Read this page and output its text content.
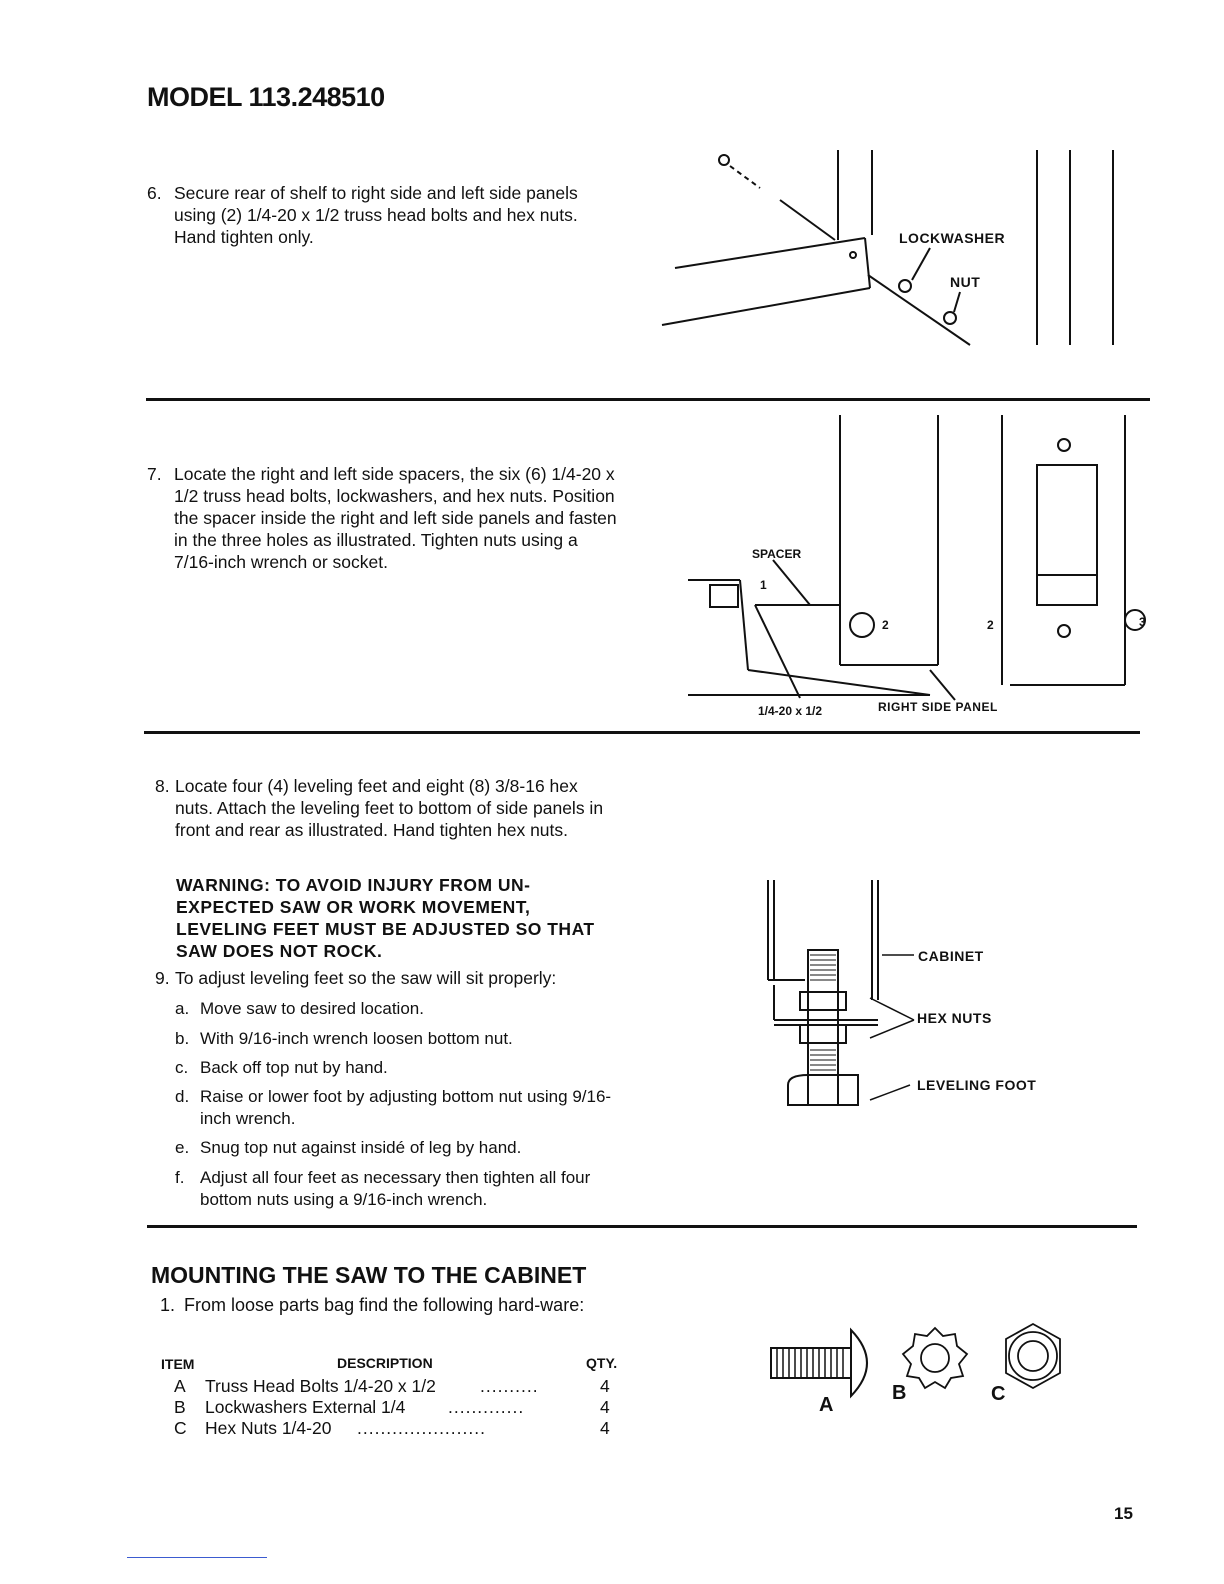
MODEL 113.248510
6. Secure rear of shelf to right side and left side panels using (2) 1/4-20 x 1/2 truss head bolts and hex nuts. Hand tighten only.	LOCKWASHER
NUT
7. Locate the right and left side spacers, the six (6) 1/4-20 x 1/2 truss head bolts, lockwashers, and hex nuts. Position the spacer inside the right and left side panels and fasten in the three holes as illustrated. Tighten nuts using a 7/16-inch wrench or socket.	SPACER
1
2	2	3
1/4-20 x 1/2	RIGHT SIDE PANEL
8. Locate four (4) leveling feet and eight (8) 3/8-16 hex nuts. Attach the leveling feet to bottom of side panels in front and rear as illustrated. Hand tighten hex nuts.
WARNING: TO AVOID INJURY FROM UN-EXPECTED SAW OR WORK MOVEMENT, LEVELING FEET MUST BE ADJUSTED SO THAT SAW DOES NOT ROCK.
9. To adjust leveling feet so the saw will sit properly:
a. Move saw to desired location.
b. With 9/16-inch wrench loosen bottom nut.
c. Back off top nut by hand.
d. Raise or lower foot by adjusting bottom nut using 9/16-inch wrench.
e. Snug top nut against insidé of leg by hand.
f. Adjust all four feet as necessary then tighten all four bottom nuts using a 9/16-inch wrench.
CABINET
HEX NUTS
LEVELING FOOT
MOUNTING THE SAW TO THE CABINET
1. From loose parts bag find the following hard-ware:
ITEM	DESCRIPTION	QTY.
A Truss Head Bolts 1/4-20 x 1/2	..........	4
B Lockwashers External 1/4 .............	4
C Hex Nuts 1/4-20 ......................	4
A
B	C
15
